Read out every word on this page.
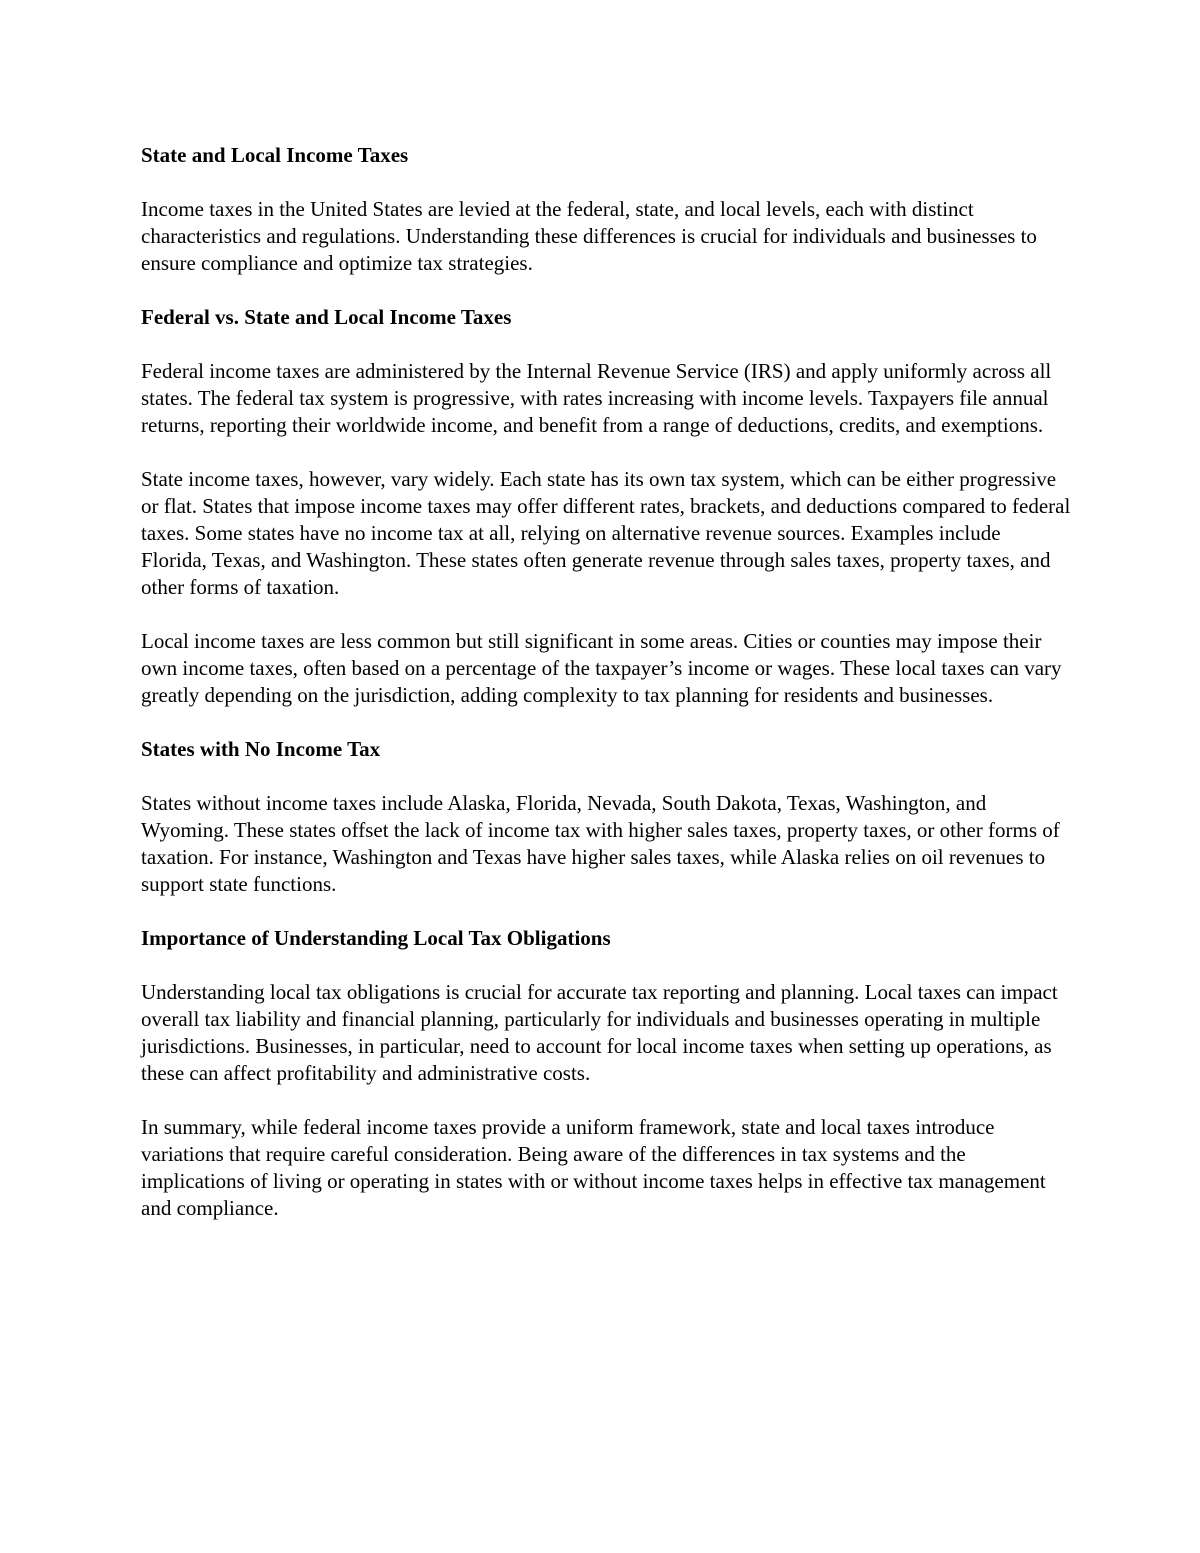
State and Local Income Taxes
Income taxes in the United States are levied at the federal, state, and local levels, each with distinct characteristics and regulations. Understanding these differences is crucial for individuals and businesses to ensure compliance and optimize tax strategies.
Federal vs. State and Local Income Taxes
Federal income taxes are administered by the Internal Revenue Service (IRS) and apply uniformly across all states. The federal tax system is progressive, with rates increasing with income levels. Taxpayers file annual returns, reporting their worldwide income, and benefit from a range of deductions, credits, and exemptions.
State income taxes, however, vary widely. Each state has its own tax system, which can be either progressive or flat. States that impose income taxes may offer different rates, brackets, and deductions compared to federal taxes. Some states have no income tax at all, relying on alternative revenue sources. Examples include Florida, Texas, and Washington. These states often generate revenue through sales taxes, property taxes, and other forms of taxation.
Local income taxes are less common but still significant in some areas. Cities or counties may impose their own income taxes, often based on a percentage of the taxpayer’s income or wages. These local taxes can vary greatly depending on the jurisdiction, adding complexity to tax planning for residents and businesses.
States with No Income Tax
States without income taxes include Alaska, Florida, Nevada, South Dakota, Texas, Washington, and Wyoming. These states offset the lack of income tax with higher sales taxes, property taxes, or other forms of taxation. For instance, Washington and Texas have higher sales taxes, while Alaska relies on oil revenues to support state functions.
Importance of Understanding Local Tax Obligations
Understanding local tax obligations is crucial for accurate tax reporting and planning. Local taxes can impact overall tax liability and financial planning, particularly for individuals and businesses operating in multiple jurisdictions. Businesses, in particular, need to account for local income taxes when setting up operations, as these can affect profitability and administrative costs.
In summary, while federal income taxes provide a uniform framework, state and local taxes introduce variations that require careful consideration. Being aware of the differences in tax systems and the implications of living or operating in states with or without income taxes helps in effective tax management and compliance.
